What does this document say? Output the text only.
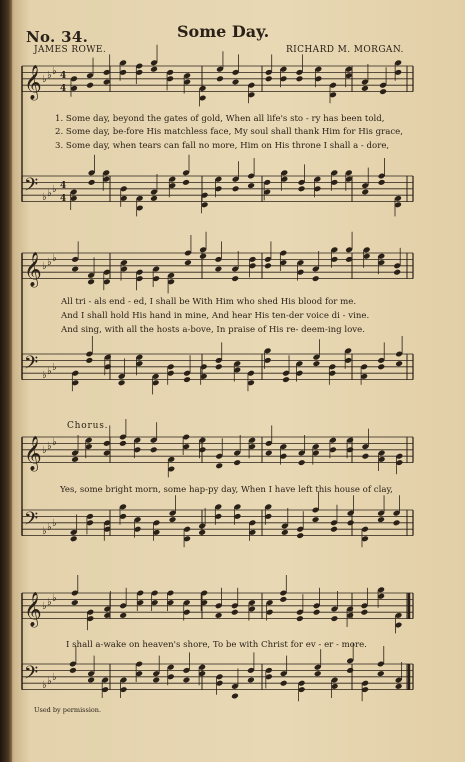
No. 34.	Some Day.
JAMES ROWE.	RICHARD M. MORGAN.
𝄞 ♭ ♭ ♭ 4
4
𝄢 ♭ ♭ ♭ 4
4
𝄞 ♭ ♭ ♭
𝄢 ♭ ♭ ♭
𝄞 ♭ ♭ ♭
𝄢 ♭ ♭ ♭
𝄞 ♭ ♭ ♭
𝄢 ♭ ♭ ♭
1. Some day, beyond the gates of gold, When all life's sto - ry has been told,
2. Some day, be-fore His matchless face, My soul shall thank Him for His grace,
3. Some day, when tears can fall no more, Him on His throne I shall a - dore,
All tri - als end - ed, I shall be With Him who shed His blood for me.
And I shall hold His hand in mine, And hear His ten-der voice di - vine.
And sing, with all the hosts a-bove, In praise of His re- deem-ing love.
Chorus.
Yes, some bright morn, some hap-py day, When I have left this house of clay,
I shall a-wake on heaven's shore, To be with Christ for ev - er - more.
Used by permission.
